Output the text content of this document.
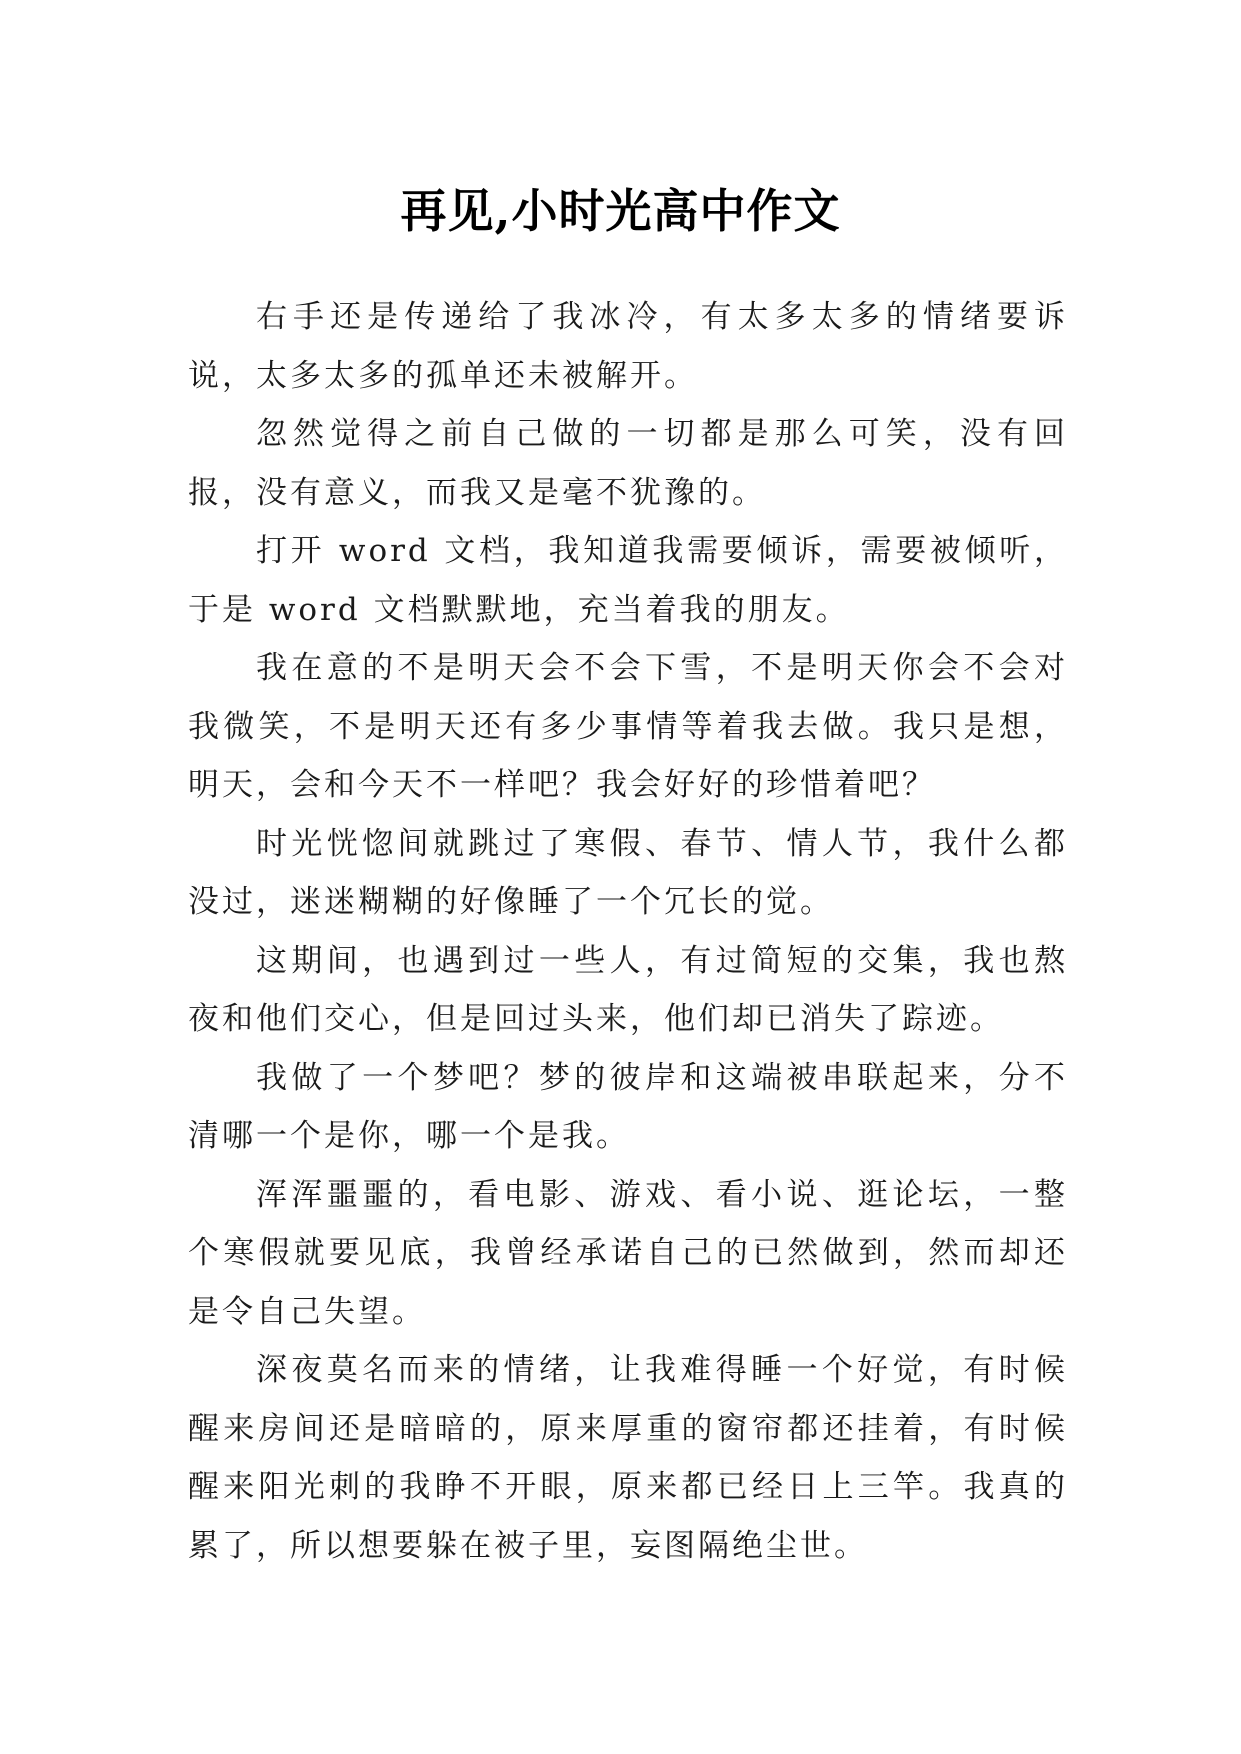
再见,小时光高中作文

右手还是传递给了我冰冷，有太多太多的情绪要诉说，太多太多的孤单还未被解开。

忽然觉得之前自己做的一切都是那么可笑，没有回报，没有意义，而我又是毫不犹豫的。

打开 word 文档，我知道我需要倾诉，需要被倾听，于是 word 文档默默地，充当着我的朋友。

我在意的不是明天会不会下雪，不是明天你会不会对我微笑，不是明天还有多少事情等着我去做。我只是想，明天，会和今天不一样吧？我会好好的珍惜着吧？

时光恍惚间就跳过了寒假、春节、情人节，我什么都没过，迷迷糊糊的好像睡了一个冗长的觉。

这期间，也遇到过一些人，有过简短的交集，我也熬夜和他们交心，但是回过头来，他们却已消失了踪迹。

我做了一个梦吧？梦的彼岸和这端被串联起来，分不清哪一个是你，哪一个是我。

浑浑噩噩的，看电影、游戏、看小说、逛论坛，一整个寒假就要见底，我曾经承诺自己的已然做到，然而却还是令自己失望。

深夜莫名而来的情绪，让我难得睡一个好觉，有时候醒来房间还是暗暗的，原来厚重的窗帘都还挂着，有时候醒来阳光刺的我睁不开眼，原来都已经日上三竿。我真的累了，所以想要躲在被子里，妄图隔绝尘世。
